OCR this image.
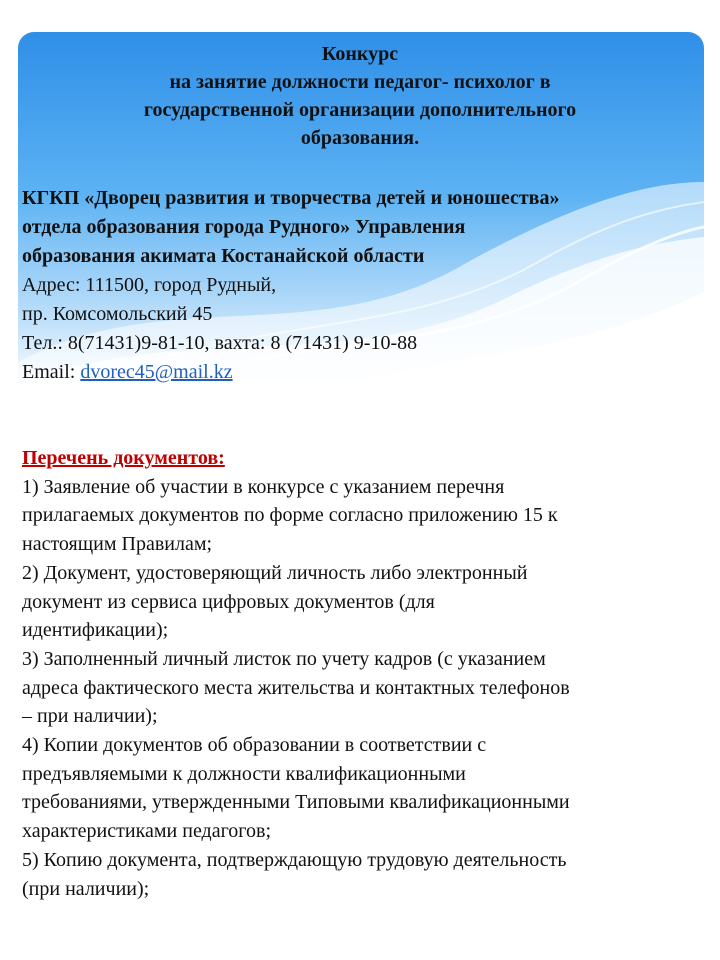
Конкурс
на занятие должности педагог- психолог в
государственной организации дополнительного
образования.
КГКП «Дворец развития и творчества детей и юношества»
отдела образования города Рудного» Управления
образования акимата Костанайской области
Адрес: 111500, город Рудный,
пр. Комсомольский 45
Тел.: 8(71431)9-81-10, вахта: 8 (71431) 9-10-88
Email: dvorec45@mail.kz
Перечень документов:
1) Заявление об участии в конкурсе с указанием перечня
прилагаемых документов по форме согласно приложению 15 к
настоящим Правилам;
2) Документ, удостоверяющий личность либо электронный
документ из сервиса цифровых документов (для
идентификации);
3) Заполненный личный листок по учету кадров (с указанием
адреса фактического места жительства и контактных телефонов
– при наличии);
4) Копии документов об образовании в соответствии с
предъявляемыми к должности квалификационными
требованиями, утвержденными Типовыми квалификационными
характеристиками педагогов;
5) Копию документа, подтверждающую трудовую деятельность
(при наличии);
